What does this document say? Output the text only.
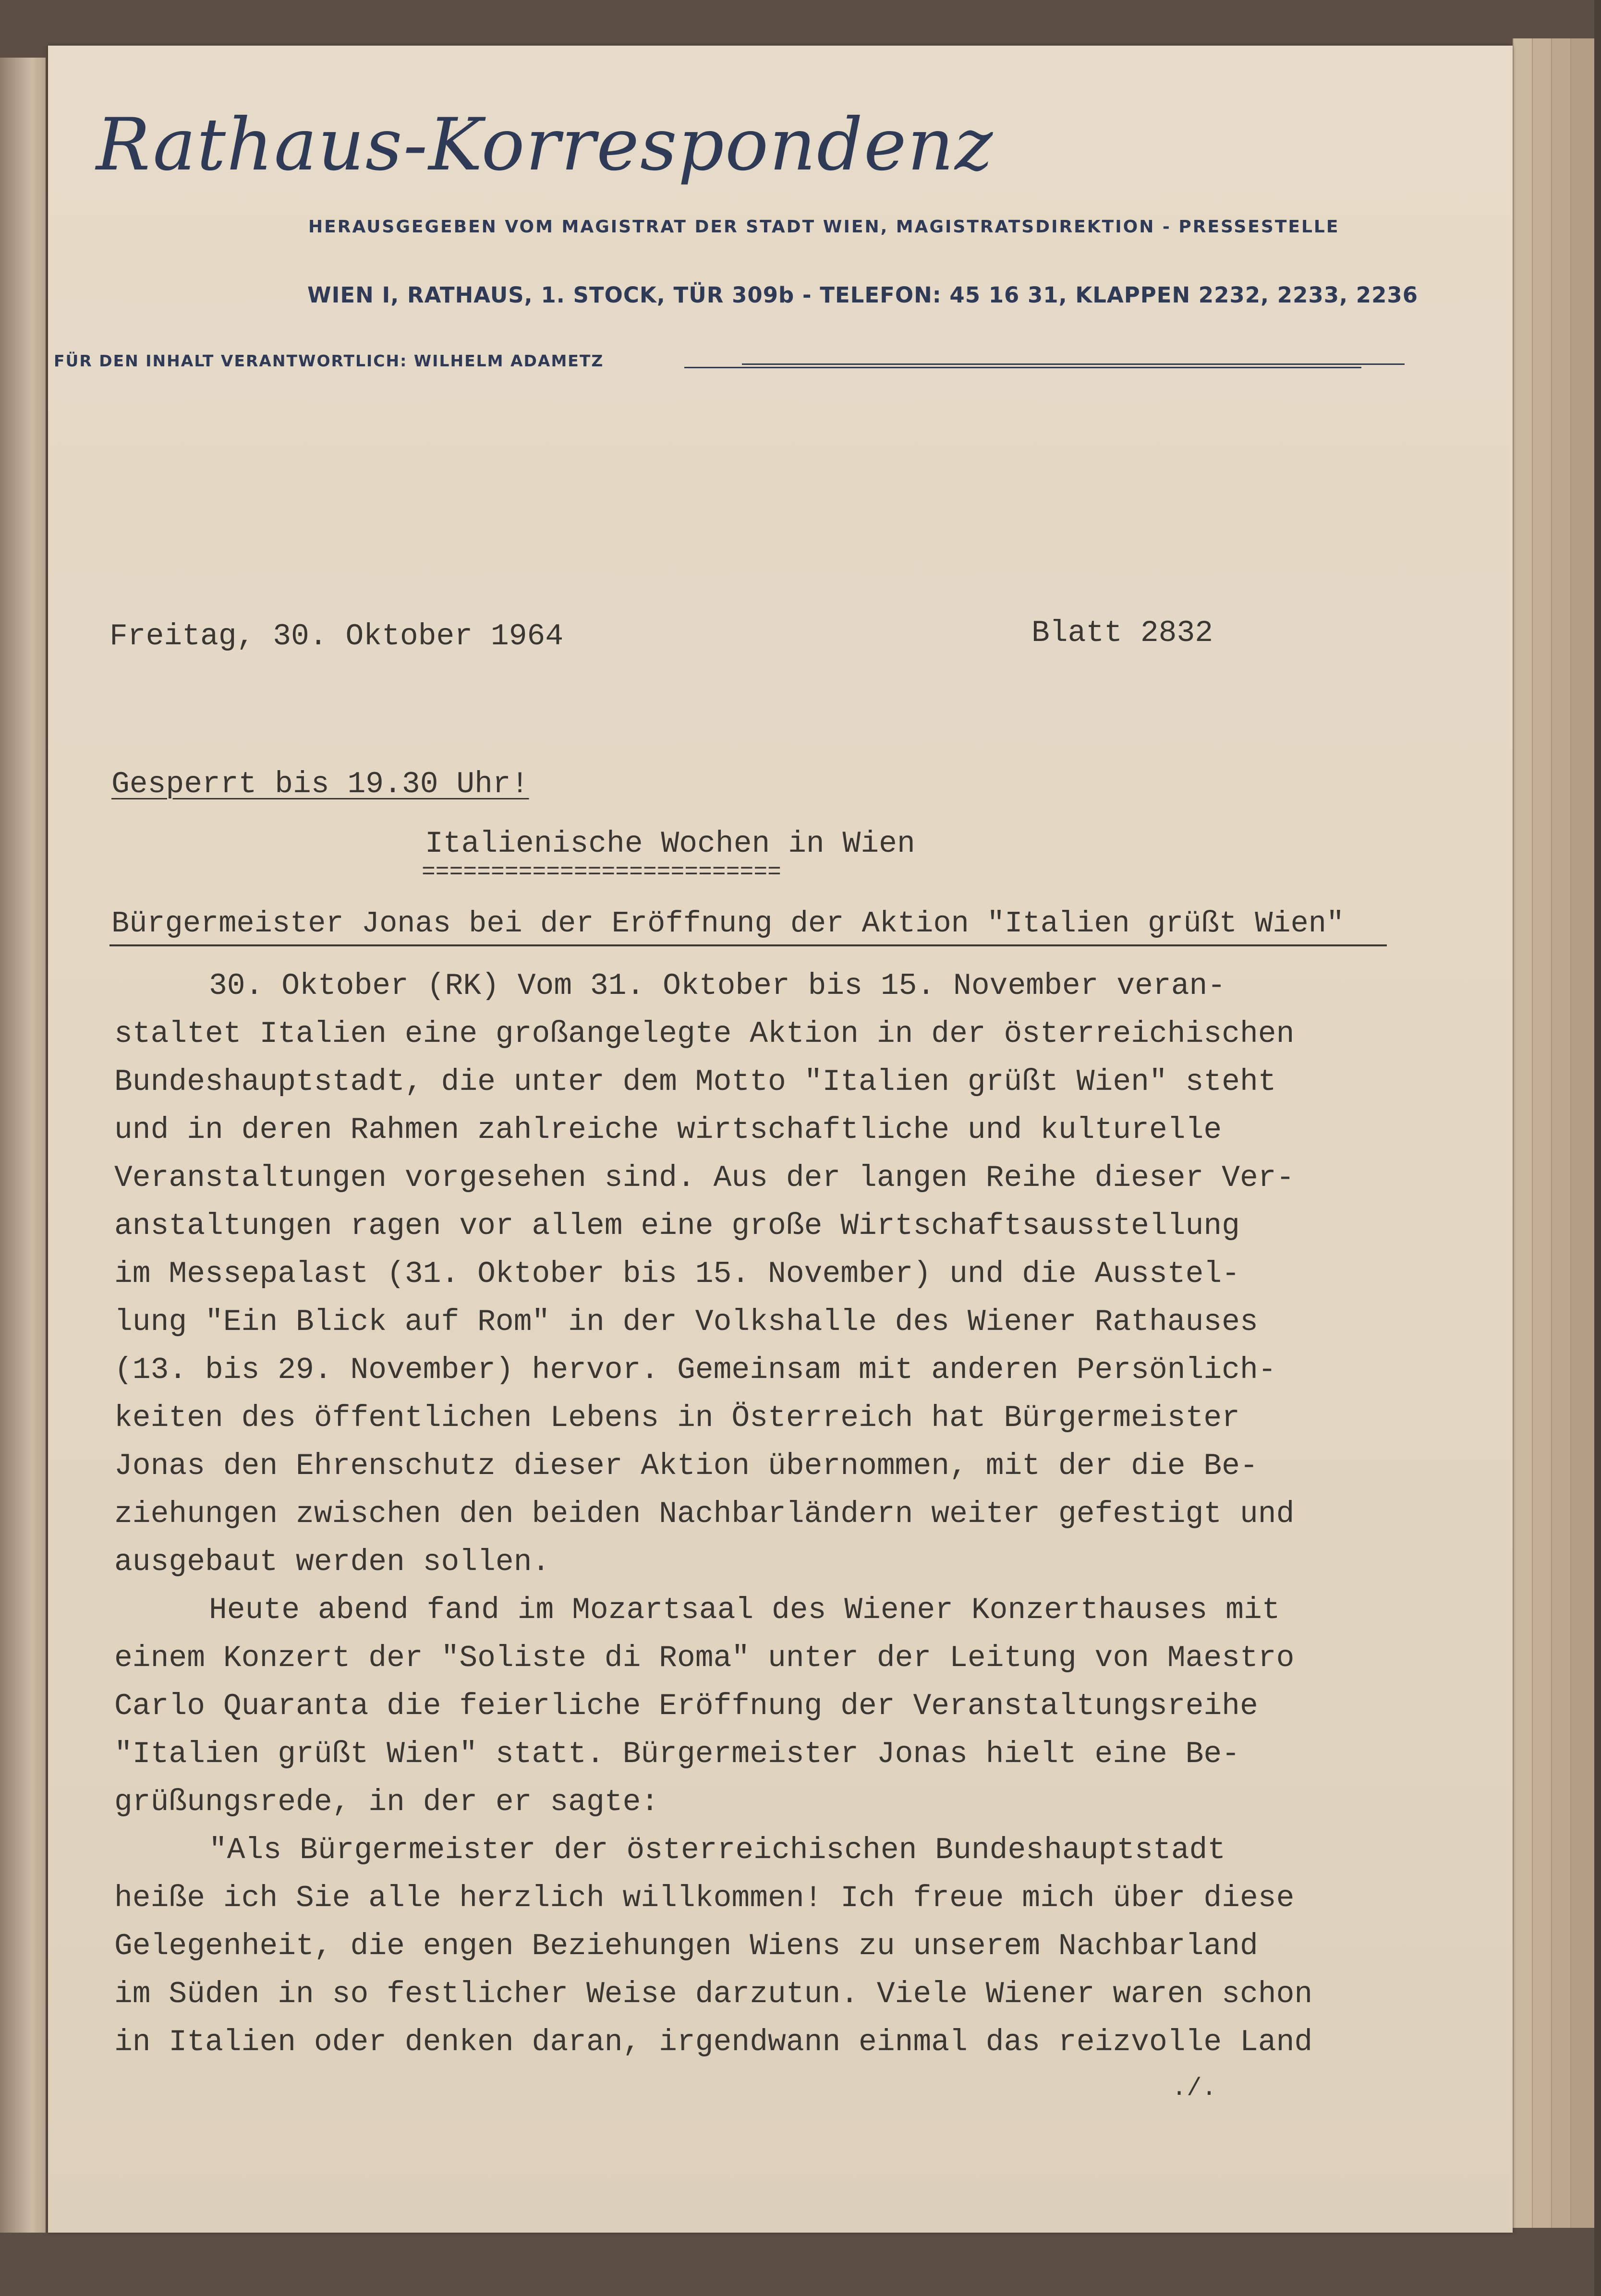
Rathaus-Korrespondenz
HERAUSGEGEBEN VOM MAGISTRAT DER STADT WIEN, MAGISTRATSDIREKTION - PRESSESTELLE
WIEN I, RATHAUS, 1. STOCK, TÜR 309b - TELEFON: 45 16 31, KLAPPEN 2232, 2233, 2236
FÜR DEN INHALT VERANTWORTLICH: WILHELM ADAMETZ
Freitag, 30. Oktober 1964	Blatt 2832
Gesperrt bis 19.30 Uhr!
Italienische Wochen in Wien
==========================
Bürgermeister Jonas bei der Eröffnung der Aktion "Italien grüßt Wien"
30. Oktober (RK) Vom 31. Oktober bis 15. November veran-
staltet Italien eine großangelegte Aktion in der österreichischen
Bundeshauptstadt, die unter dem Motto "Italien grüßt Wien" steht
und in deren Rahmen zahlreiche wirtschaftliche und kulturelle
Veranstaltungen vorgesehen sind. Aus der langen Reihe dieser Ver-
anstaltungen ragen vor allem eine große Wirtschaftsausstellung
im Messepalast (31. Oktober bis 15. November) und die Ausstel-
lung "Ein Blick auf Rom" in der Volkshalle des Wiener Rathauses
(13. bis 29. November) hervor. Gemeinsam mit anderen Persönlich-
keiten des öffentlichen Lebens in Österreich hat Bürgermeister
Jonas den Ehrenschutz dieser Aktion übernommen, mit der die Be-
ziehungen zwischen den beiden Nachbarländern weiter gefestigt und
ausgebaut werden sollen.
Heute abend fand im Mozartsaal des Wiener Konzerthauses mit
einem Konzert der "Soliste di Roma" unter der Leitung von Maestro
Carlo Quaranta die feierliche Eröffnung der Veranstaltungsreihe
"Italien grüßt Wien" statt. Bürgermeister Jonas hielt eine Be-
grüßungsrede, in der er sagte:
"Als Bürgermeister der österreichischen Bundeshauptstadt
heiße ich Sie alle herzlich willkommen! Ich freue mich über diese
Gelegenheit, die engen Beziehungen Wiens zu unserem Nachbarland
im Süden in so festlicher Weise darzutun. Viele Wiener waren schon
in Italien oder denken daran, irgendwann einmal das reizvolle Land
./.
